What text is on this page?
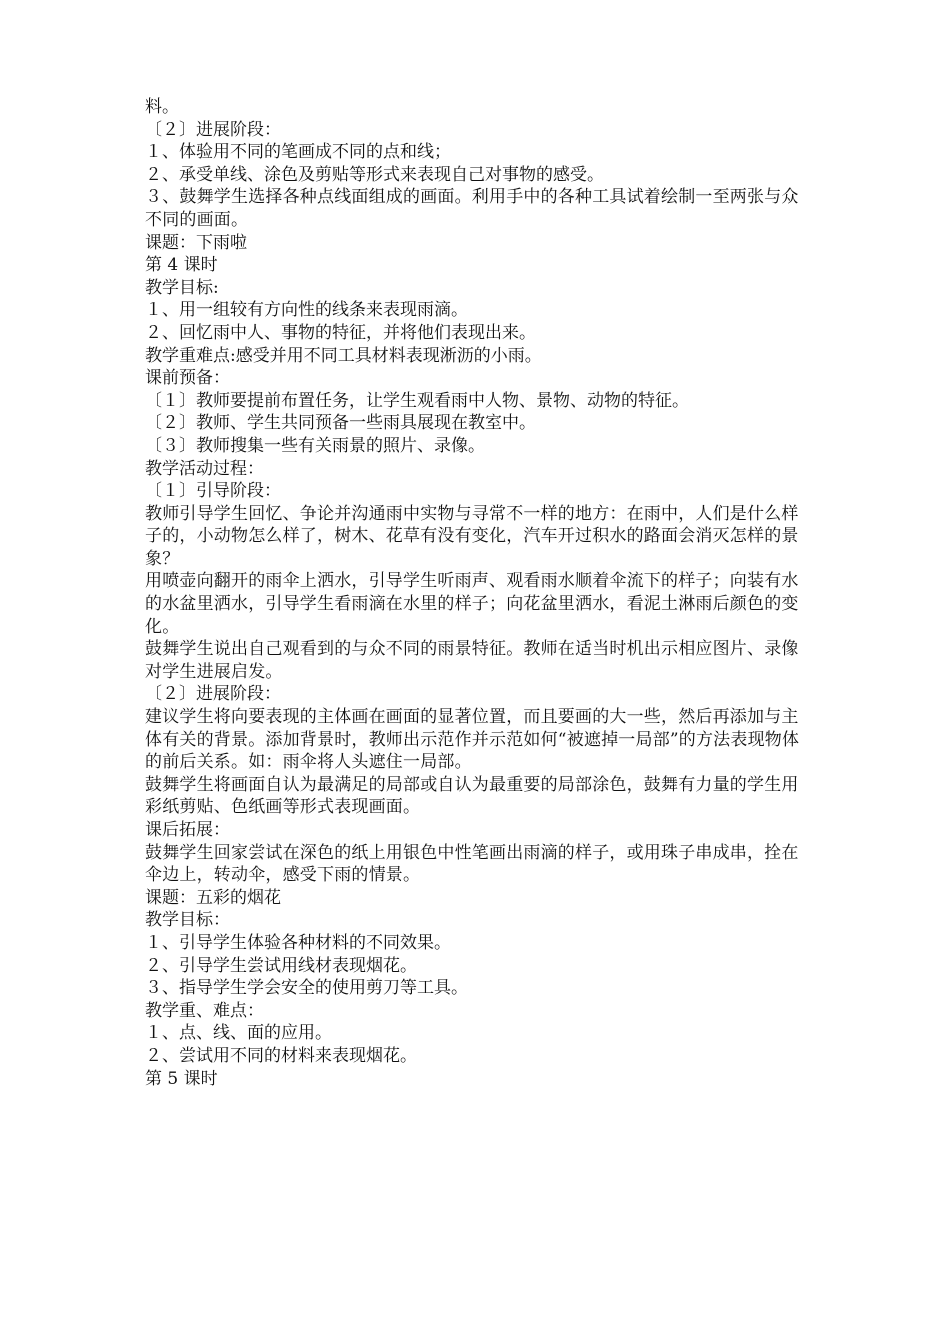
料。
〔２〕进展阶段：
１、体验用不同的笔画成不同的点和线；
２、承受单线、涂色及剪贴等形式来表现自己对事物的感受。
３、鼓舞学生选择各种点线面组成的画面。利用手中的各种工具试着绘制一至两张与众不同的画面。
课题：下雨啦
第 4 课时
教学目标:
１、用一组较有方向性的线条来表现雨滴。
２、回忆雨中人、事物的特征，并将他们表现出来。
教学重难点:感受并用不同工具材料表现淅沥的小雨。
课前预备：
〔１〕教师要提前布置任务，让学生观看雨中人物、景物、动物的特征。
〔２〕教师、学生共同预备一些雨具展现在教室中。
〔３〕教师搜集一些有关雨景的照片、录像。
教学活动过程：
〔１〕引导阶段：
教师引导学生回忆、争论并沟通雨中实物与寻常不一样的地方：在雨中，人们是什么样子的，小动物怎么样了，树木、花草有没有变化，汽车开过积水的路面会消灭怎样的景象？
用喷壶向翻开的雨伞上洒水，引导学生听雨声、观看雨水顺着伞流下的样子；向装有水的水盆里洒水，引导学生看雨滴在水里的样子；向花盆里洒水，看泥土淋雨后颜色的变化。
鼓舞学生说出自己观看到的与众不同的雨景特征。教师在适当时机出示相应图片、录像对学生进展启发。
〔２〕进展阶段：
建议学生将向要表现的主体画在画面的显著位置，而且要画的大一些，然后再添加与主体有关的背景。添加背景时，教师出示范作并示范如何“被遮掉一局部”的方法表现物体的前后关系。如：雨伞将人头遮住一局部。
鼓舞学生将画面自认为最满足的局部或自认为最重要的局部涂色，鼓舞有力量的学生用彩纸剪贴、色纸画等形式表现画面。
课后拓展：
鼓舞学生回家尝试在深色的纸上用银色中性笔画出雨滴的样子，或用珠子串成串，拴在伞边上，转动伞，感受下雨的情景。
课题：五彩的烟花
教学目标：
１、引导学生体验各种材料的不同效果。
２、引导学生尝试用线材表现烟花。
３、指导学生学会安全的使用剪刀等工具。
教学重、难点：
１、点、线、面的应用。
２、尝试用不同的材料来表现烟花。
第 5 课时
